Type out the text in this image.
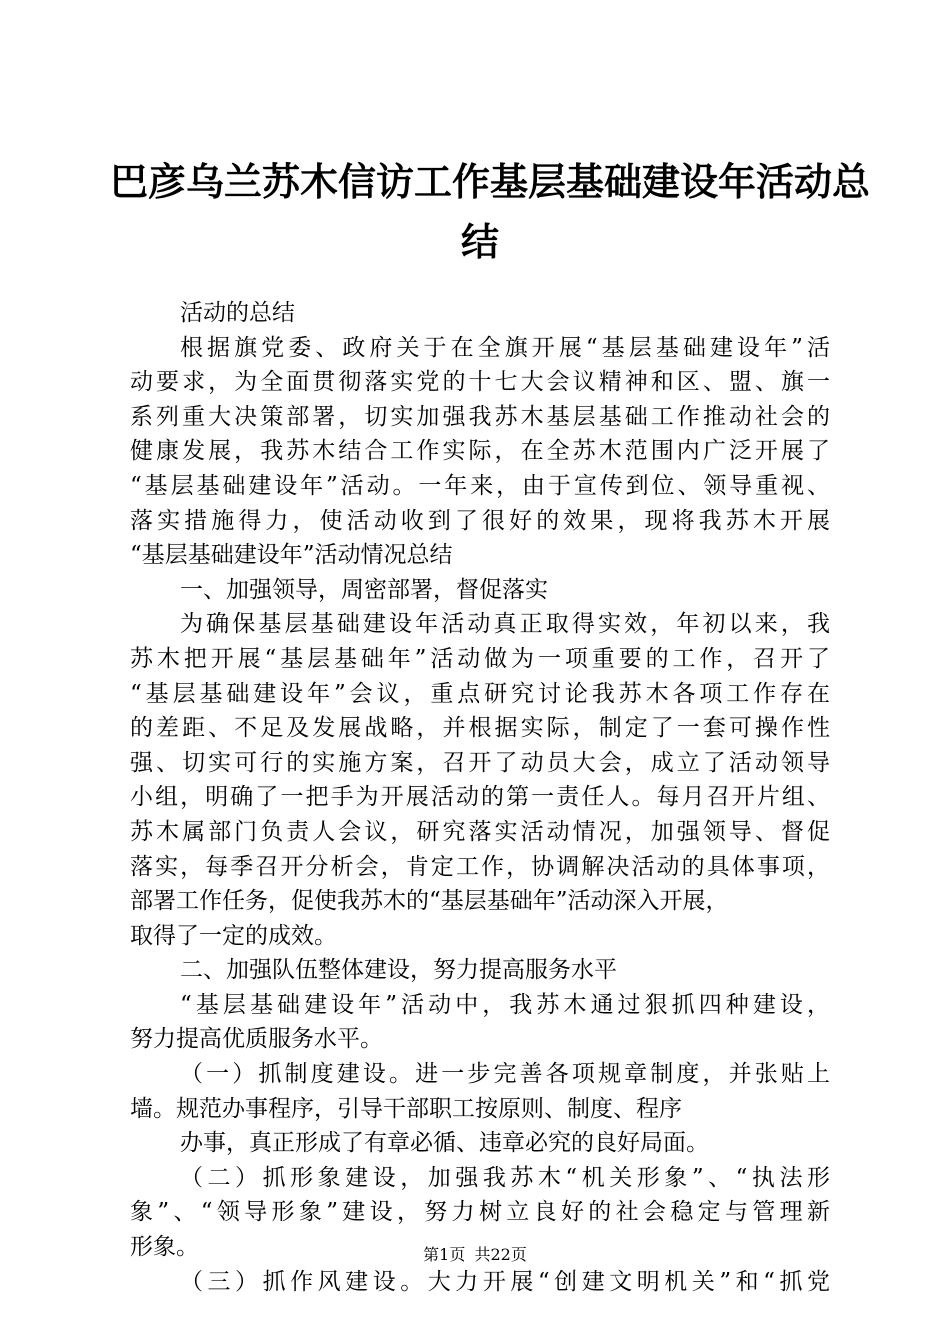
巴彦乌兰苏木信访工作基层基础建设年活动总
结
活动的总结
根据旗党委、政府关于在全旗开展“基层基础建设年”活
动要求，为全面贯彻落实党的十七大会议精神和区、盟、旗一
系列重大决策部署，切实加强我苏木基层基础工作推动社会的
健康发展，我苏木结合工作实际，在全苏木范围内广泛开展了
“基层基础建设年”活动。一年来，由于宣传到位、领导重视、
落实措施得力，使活动收到了很好的效果，现将我苏木开展
“基层基础建设年”活动情况总结
一、加强领导，周密部署，督促落实
为确保基层基础建设年活动真正取得实效，年初以来，我
苏木把开展“基层基础年”活动做为一项重要的工作，召开了
“基层基础建设年”会议，重点研究讨论我苏木各项工作存在
的差距、不足及发展战略，并根据实际，制定了一套可操作性
强、切实可行的实施方案，召开了动员大会，成立了活动领导
小组，明确了一把手为开展活动的第一责任人。每月召开片组、
苏木属部门负责人会议，研究落实活动情况，加强领导、督促
落实，每季召开分析会，肯定工作，协调解决活动的具体事项，
部署工作任务，促使我苏木的“基层基础年”活动深入开展，
取得了一定的成效。
二、加强队伍整体建设，努力提高服务水平
“基层基础建设年”活动中，我苏木通过狠抓四种建设，
努力提高优质服务水平。
（一）抓制度建设。进一步完善各项规章制度，并张贴上
墙。规范办事程序，引导干部职工按原则、制度、程序
办事，真正形成了有章必循、违章必究的良好局面。
（二）抓形象建设，加强我苏木“机关形象”、“执法形
象”、“领导形象”建设，努力树立良好的社会稳定与管理新
形象。
（三）抓作风建设。大力开展“创建文明机关”和“抓党
第1页 共22页
